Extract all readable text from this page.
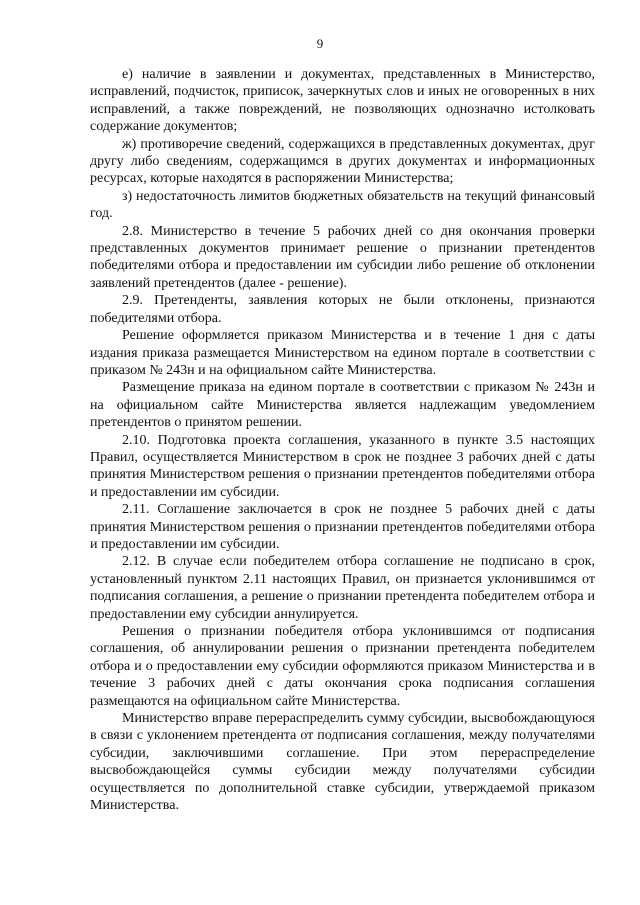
9

е) наличие в заявлении и документах, представленных в Министерство, исправлений, подчисток, приписок, зачеркнутых слов и иных не оговоренных в них исправлений, а также повреждений, не позволяющих однозначно истолковать содержание документов;

ж) противоречие сведений, содержащихся в представленных документах, друг другу либо сведениям, содержащимся в других документах и информационных ресурсах, которые находятся в распоряжении Министерства;

з) недостаточность лимитов бюджетных обязательств на текущий финансовый год.

2.8. Министерство в течение 5 рабочих дней со дня окончания проверки представленных документов принимает решение о признании претендентов победителями отбора и предоставлении им субсидии либо решение об отклонении заявлений претендентов (далее - решение).

2.9. Претенденты, заявления которых не были отклонены, признаются победителями отбора.

Решение оформляется приказом Министерства и в течение 1 дня с даты издания приказа размещается Министерством на едином портале в соответствии с приказом № 243н и на официальном сайте Министерства.

Размещение приказа на едином портале в соответствии с приказом № 243н и на официальном сайте Министерства является надлежащим уведомлением претендентов о принятом решении.

2.10. Подготовка проекта соглашения, указанного в пункте 3.5 настоящих Правил, осуществляется Министерством в срок не позднее 3 рабочих дней с даты принятия Министерством решения о признании претендентов победителями отбора и предоставлении им субсидии.

2.11. Соглашение заключается в срок не позднее 5 рабочих дней с даты принятия Министерством решения о признании претендентов победителями отбора и предоставлении им субсидии.

2.12. В случае если победителем отбора соглашение не подписано в срок, установленный пунктом 2.11 настоящих Правил, он признается уклонившимся от подписания соглашения, а решение о признании претендента победителем отбора и предоставлении ему субсидии аннулируется.

Решения о признании победителя отбора уклонившимся от подписания соглашения, об аннулировании решения о признании претендента победителем отбора и о предоставлении ему субсидии оформляются приказом Министерства и в течение 3 рабочих дней с даты окончания срока подписания соглашения размещаются на официальном сайте Министерства.

Министерство вправе перераспределить сумму субсидии, высвобождающуюся в связи с уклонением претендента от подписания соглашения, между получателями субсидии, заключившими соглашение. При этом перераспределение высвобождающейся суммы субсидии между получателями субсидии осуществляется по дополнительной ставке субсидии, утверждаемой приказом Министерства.
